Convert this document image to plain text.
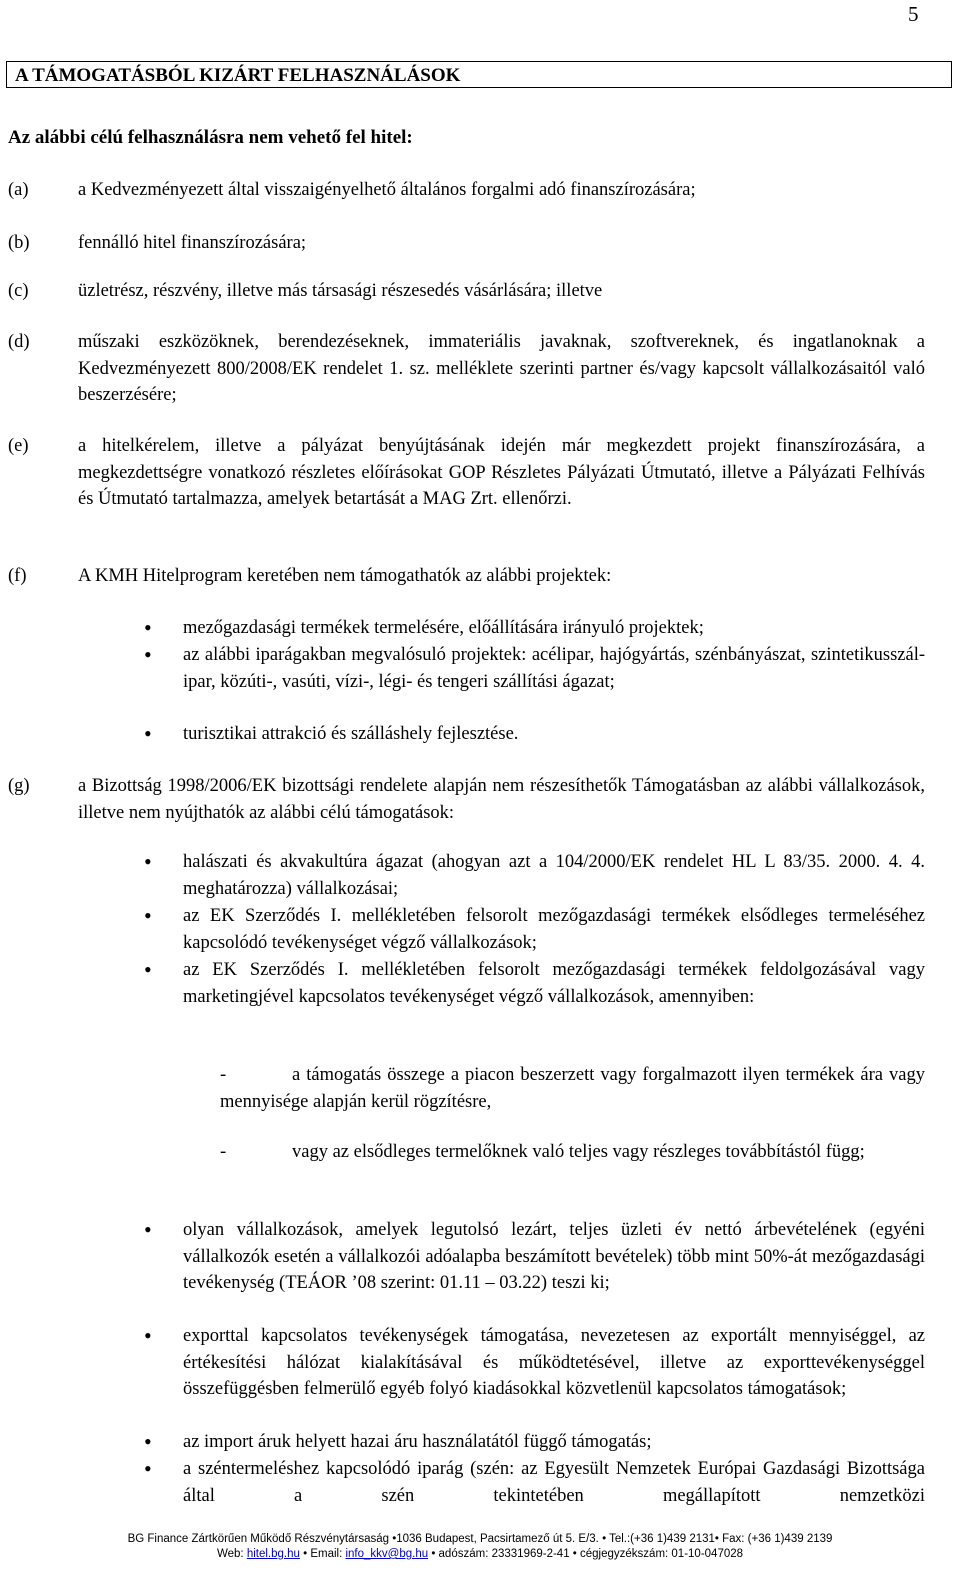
5
A TÁMOGATÁSBÓL KIZÁRT FELHASZNÁLÁSOK
Az alábbi célú felhasználásra nem vehető fel hitel:
(a)	a Kedvezményezett által visszaigényelhető általános forgalmi adó finanszírozására;
(b)	fennálló hitel finanszírozására;
(c)	üzletrész, részvény, illetve más társasági részesedés vásárlására; illetve
(d)	műszaki eszközöknek, berendezéseknek, immateriális javaknak, szoftvereknek, és ingatlanoknak a Kedvezményezett 800/2008/EK rendelet 1. sz. melléklete szerinti partner és/vagy kapcsolt vállalkozásaitól való beszerzésére;
(e)	a hitelkérelem, illetve a pályázat benyújtásának idején már megkezdett projekt finanszírozására, a megkezdettségre vonatkozó részletes előírásokat GOP Részletes Pályázati Útmutató, illetve a Pályázati Felhívás és Útmutató tartalmazza, amelyek betartását a MAG Zrt. ellenőrzi.
(f)	A KMH Hitelprogram keretében nem támogathatók az alábbi projektek:
• mezőgazdasági termékek termelésére, előállítására irányuló projektek;
• az alábbi iparágakban megvalósuló projektek: acélipar, hajógyártás, szénbányászat, szintetikusszál-ipar, közúti-, vasúti, vízi-, légi- és tengeri szállítási ágazat;
• turisztikai attrakció és szálláshely fejlesztése.
(g)	a Bizottság 1998/2006/EK bizottsági rendelete alapján nem részesíthetők Támogatásban az alábbi vállalkozások, illetve nem nyújthatók az alábbi célú támogatások:
• halászati és akvakultúra ágazat (ahogyan azt a 104/2000/EK rendelet HL L 83/35. 2000. 4. 4. meghatározza) vállalkozásai;
• az EK Szerződés I. mellékletében felsorolt mezőgazdasági termékek elsődleges termeléséhez kapcsolódó tevékenységet végző vállalkozások;
• az EK Szerződés I. mellékletében felsorolt mezőgazdasági termékek feldolgozásával vagy marketingjével kapcsolatos tevékenységet végző vállalkozások, amennyiben:
-	a támogatás összege a piacon beszerzett vagy forgalmazott ilyen termékek ára vagy mennyisége alapján kerül rögzítésre,
-	vagy az elsődleges termelőknek való teljes vagy részleges továbbítástól függ;
• olyan vállalkozások, amelyek legutolsó lezárt, teljes üzleti év nettó árbevételének (egyéni vállalkozók esetén a vállalkozói adóalapba beszámított bevételek) több mint 50%-át mezőgazdasági tevékenység (TEÁOR ’08 szerint: 01.11 – 03.22) teszi ki;
• exporttal kapcsolatos tevékenységek támogatása, nevezetesen az exportált mennyiséggel, az értékesítési hálózat kialakításával és működtetésével, illetve az exporttevékenységgel összefüggésben felmerülő egyéb folyó kiadásokkal közvetlenül kapcsolatos támogatások;
• az import áruk helyett hazai áru használatától függő támogatás;
• a széntermeléshez kapcsolódó iparág (szén: az Egyesült Nemzetek Európai Gazdasági Bizottsága által a szén tekintetében megállapított nemzetközi
BG Finance Zártkörűen Működő Részvénytársaság •1036 Budapest, Pacsirtamező út 5. E/3. • Tel.:(+36 1)439 2131• Fax: (+36 1)439 2139
Web: hitel.bg.hu • Email: info_kkv@bg.hu • adószám: 23331969-2-41 • cégjegyzékszám: 01-10-047028
